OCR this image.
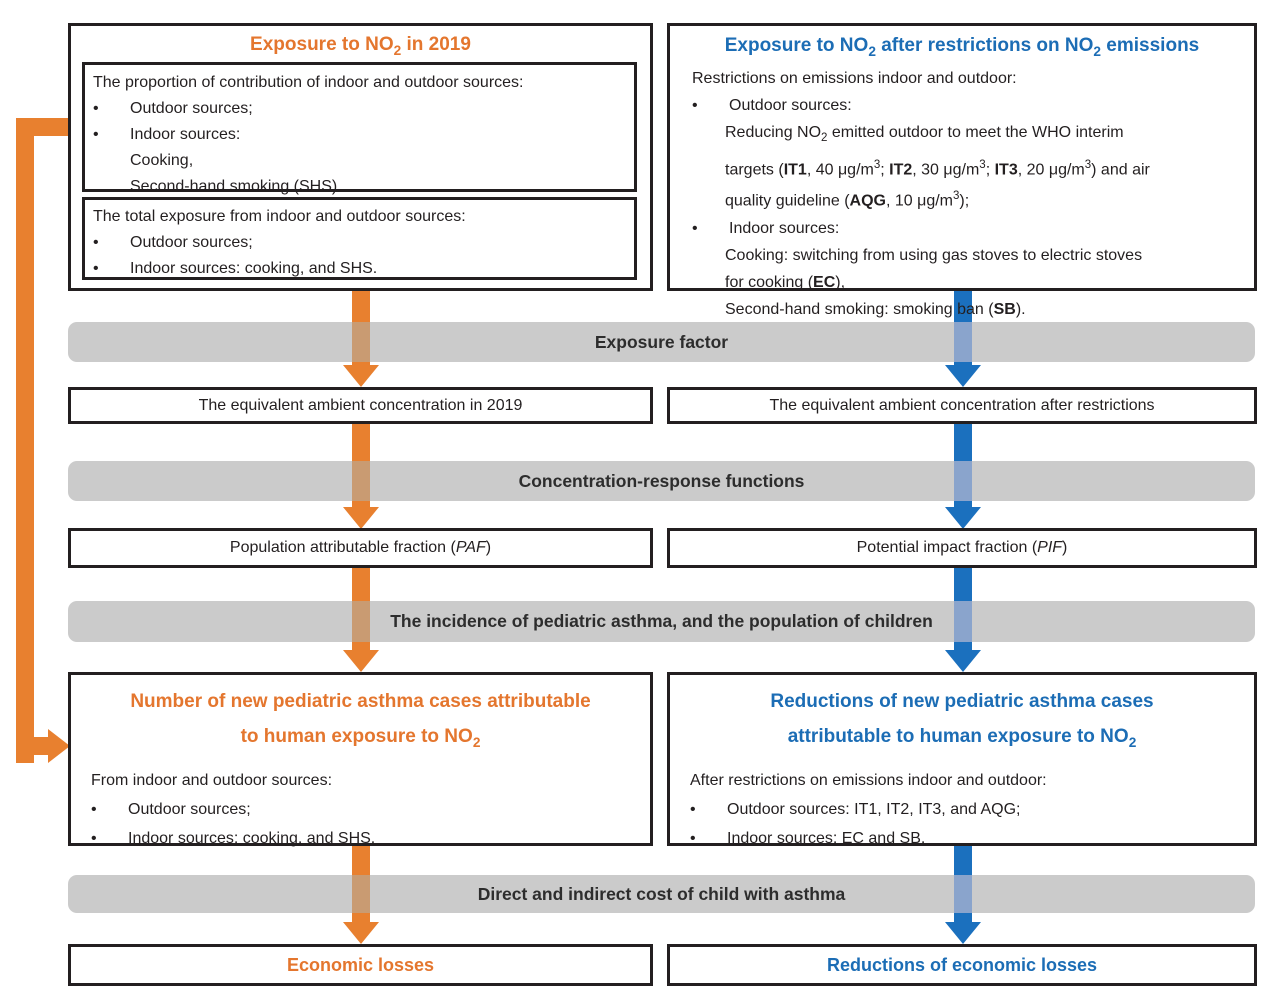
Exposure factor
Concentration-response functions
The incidence of pediatric asthma, and the population of children
Direct and indirect cost of child with asthma
Exposure to $NO_2$ in 2019
The proportion of contribution of indoor and outdoor sources:
•	Outdoor sources;
•	Indoor sources:
Cooking,
Second-hand smoking (SHS).
The total exposure from indoor and outdoor sources:
•	Outdoor sources;
•	Indoor sources: cooking, and SHS.
Exposure to $NO_2$ after restrictions on $NO_2$ emissions
Restrictions on emissions indoor and outdoor:
•	Outdoor sources:
Reducing $NO_2$ emitted outdoor to meet the WHO interim
targets (IT1, 40 $\mu g/m^3$; IT2, 30 $\mu g/m^3$; IT3, 20 $\mu g/m^3$) and air
quality guideline (AQG, 10 $\mu g/m^3$);
•	Indoor sources:
Cooking: switching from using gas stoves to electric stoves
for cooking (EC),
Second-hand smoking: smoking ban (SB).
The equivalent ambient concentration in 2019	The equivalent ambient concentration after restrictions
Population attributable fraction (PAF)	Potential impact fraction (PIF)
Number of new pediatric asthma cases attributable
to human exposure to $NO_2$
From indoor and outdoor sources:
•	Outdoor sources;
•	Indoor sources: cooking, and SHS.
Reductions of new pediatric asthma cases
attributable to human exposure to $NO_2$
After restrictions on emissions indoor and outdoor:
•	Outdoor sources: IT1, IT2, IT3, and AQG;
•	Indoor sources: EC and SB.
Economic losses	Reductions of economic losses
